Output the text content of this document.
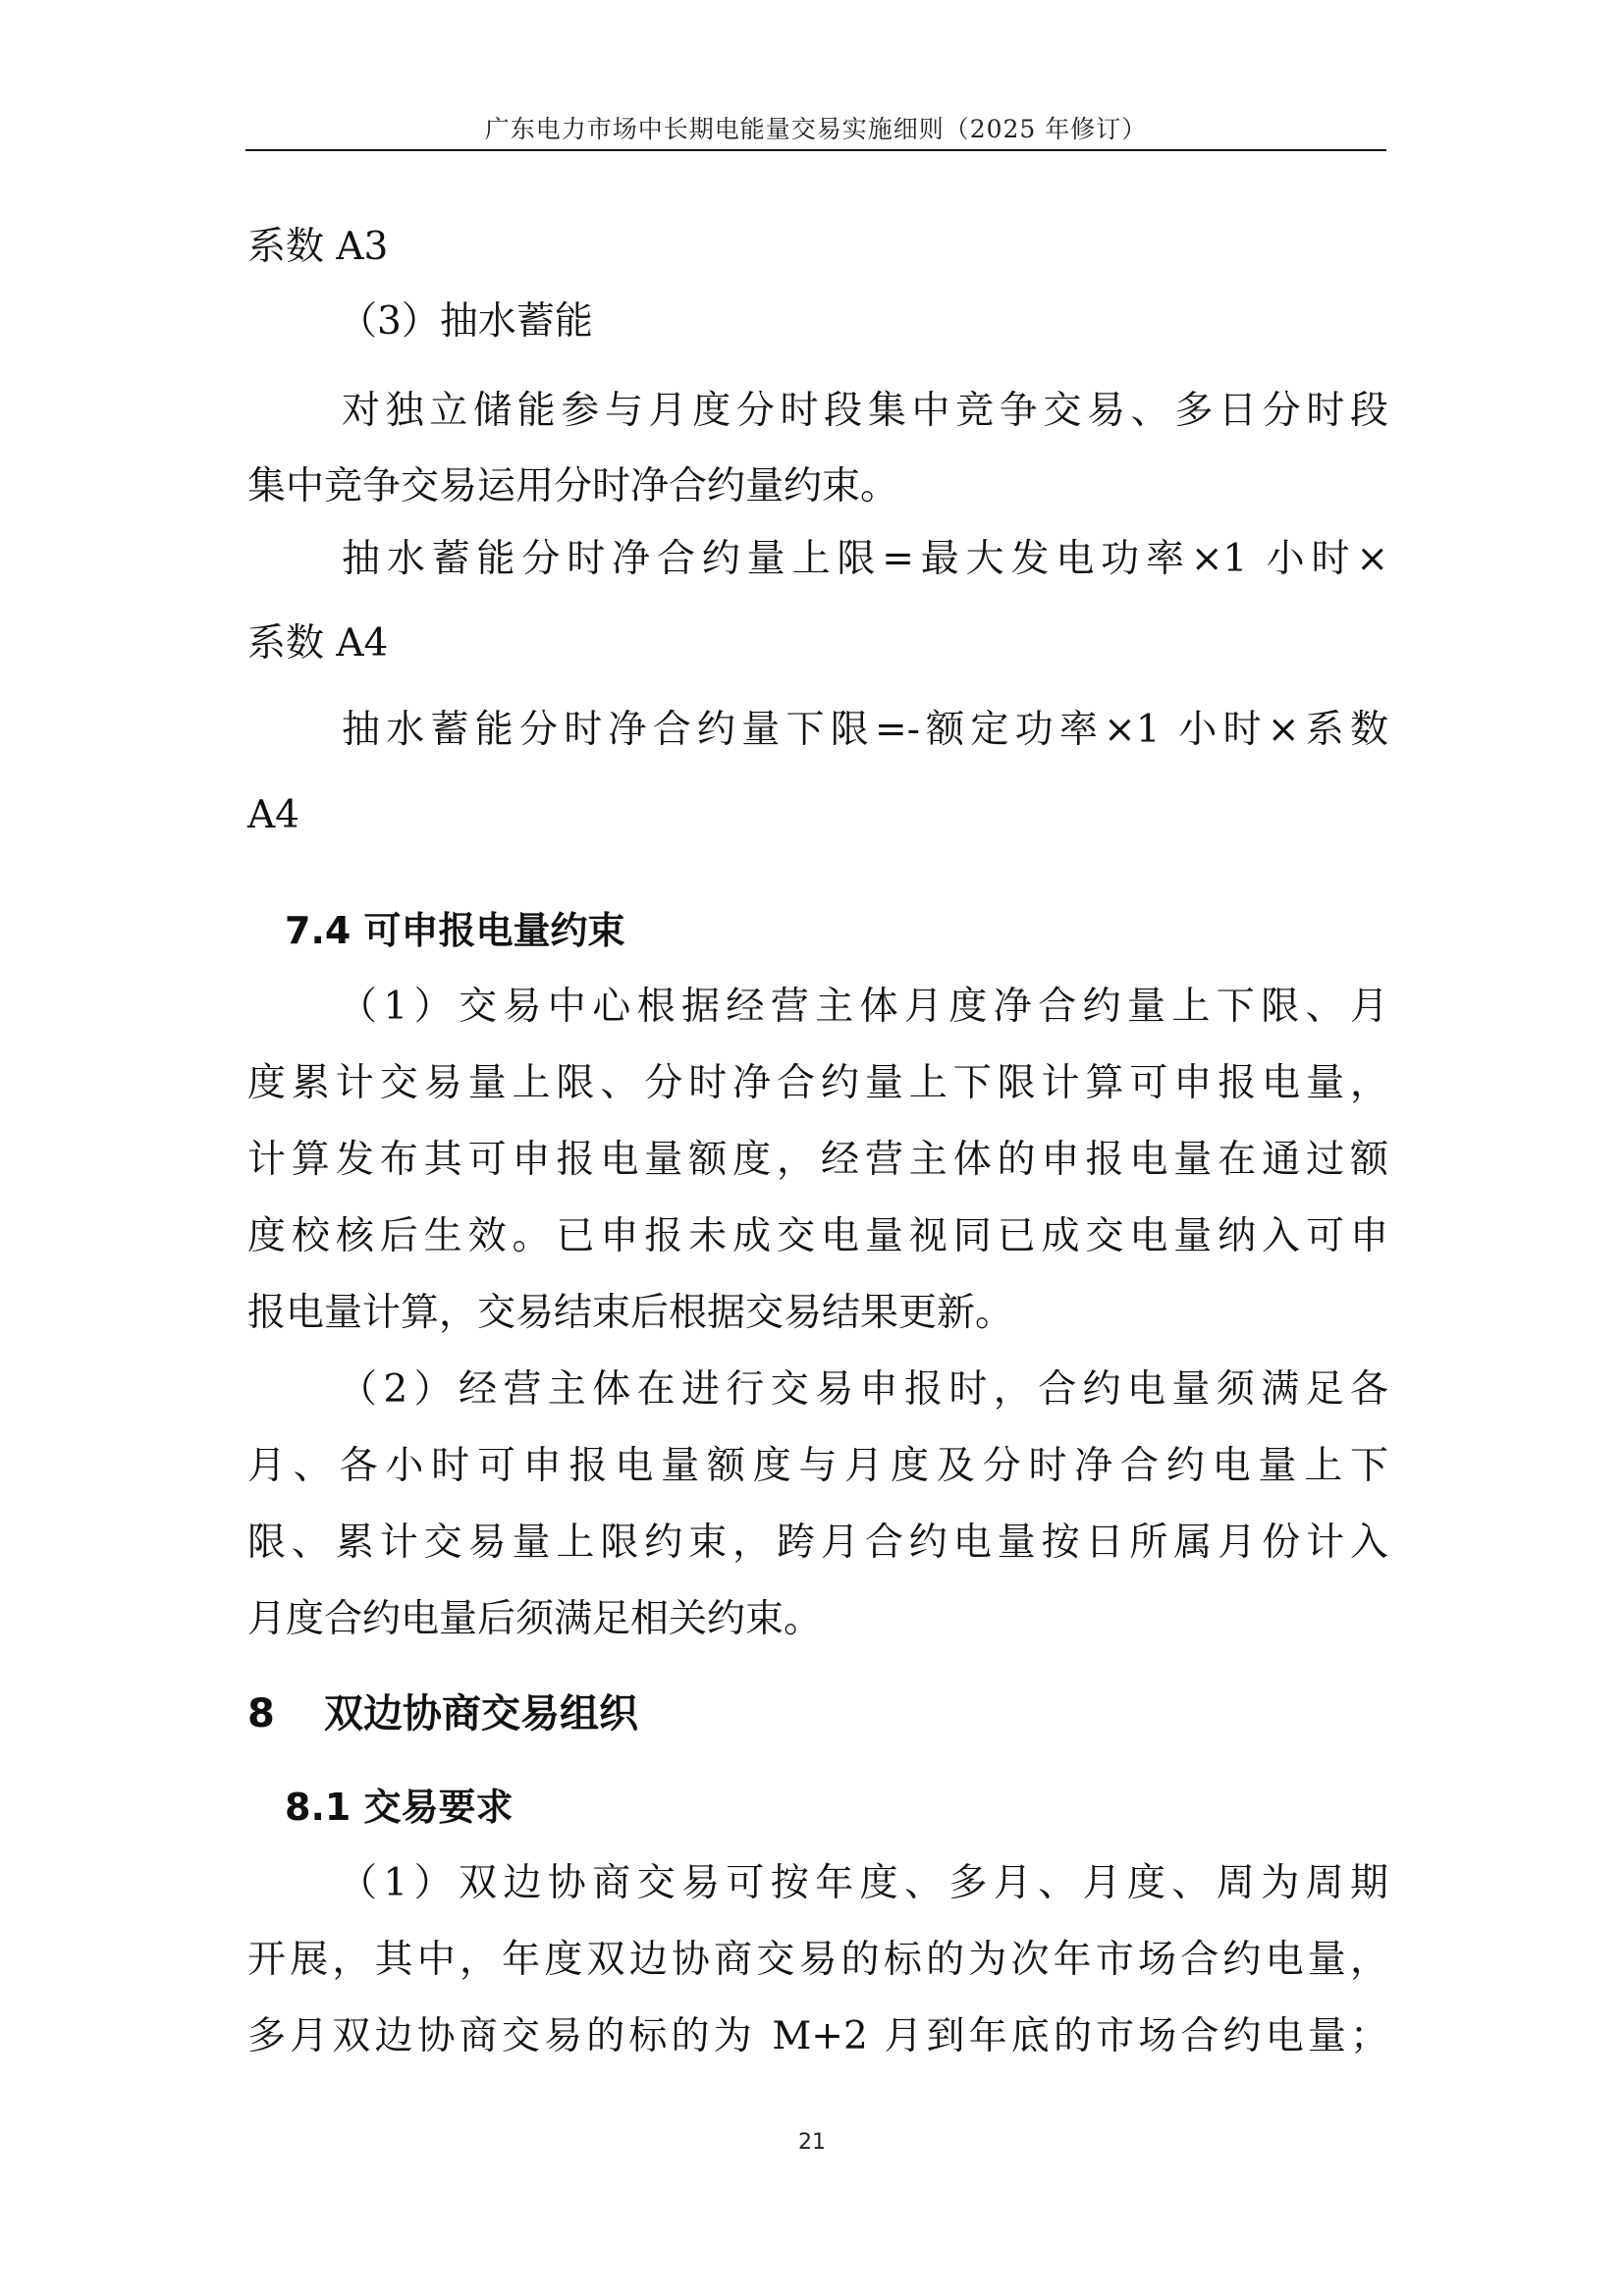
广东电力市场中长期电能量交易实施细则（2025 年修订）
系数 A3
（3）抽水蓄能
对独立储能参与月度分时段集中竞争交易、多日分时段
集中竞争交易运用分时净合约量约束。
抽水蓄能分时净合约量上限=最大发电功率×1 小时×
系数 A4
抽水蓄能分时净合约量下限=-额定功率×1 小时×系数
A4
7.4 可申报电量约束
（1）交易中心根据经营主体月度净合约量上下限、月
度累计交易量上限、分时净合约量上下限计算可申报电量，
计算发布其可申报电量额度，经营主体的申报电量在通过额
度校核后生效。已申报未成交电量视同已成交电量纳入可申
报电量计算，交易结束后根据交易结果更新。
（2）经营主体在进行交易申报时，合约电量须满足各
月、各小时可申报电量额度与月度及分时净合约电量上下
限、累计交易量上限约束，跨月合约电量按日所属月份计入
月度合约电量后须满足相关约束。
8 双边协商交易组织
8.1 交易要求
（1）双边协商交易可按年度、多月、月度、周为周期
开展，其中，年度双边协商交易的标的为次年市场合约电量，
多月双边协商交易的标的为 M+2 月到年底的市场合约电量；
21
